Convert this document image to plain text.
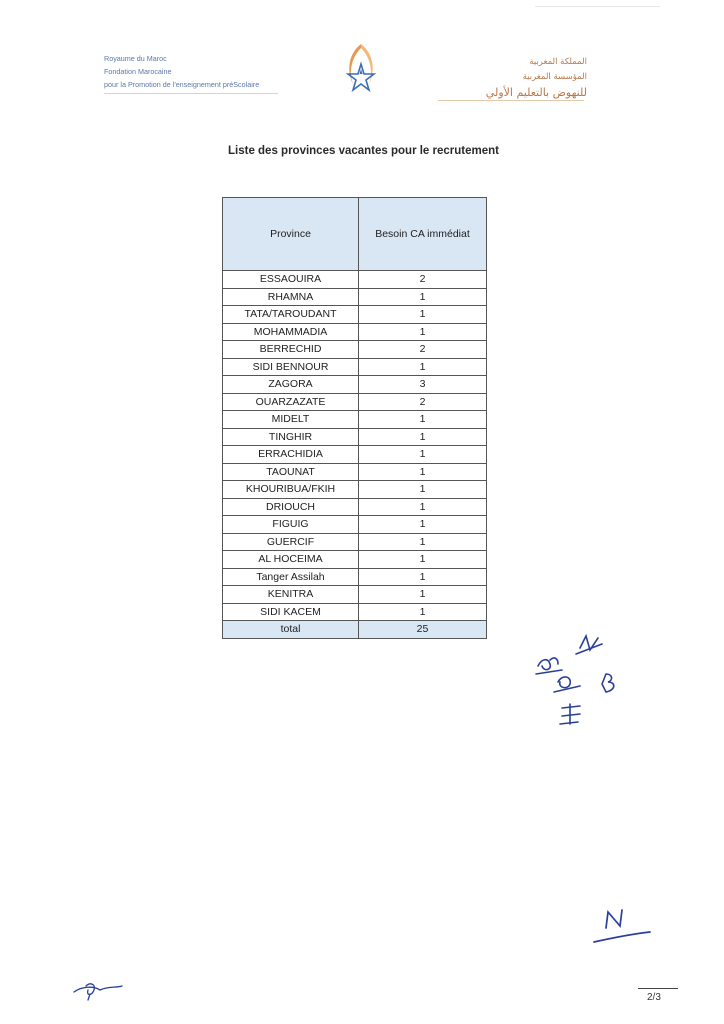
Royaume du Maroc
Fondation Marocaine
pour la Promotion de l'enseignement préScolaire
المملكة المغربية
المؤسسة المغربية
للنهوض بالتعليم الأولي
Liste des provinces vacantes pour le recrutement
Province	Besoin CA immédiat
ESSAOUIRA	2
RHAMNA	1
TATA/TAROUDANT	1
MOHAMMADIA	1
BERRECHID	2
SIDI BENNOUR	1
ZAGORA	3
OUARZAZATE	2
MIDELT	1
TINGHIR	1
ERRACHIDIA	1
TAOUNAT	1
KHOURIBUA/FKIH	1
DRIOUCH	1
FIGUIG	1
GUERCIF	1
AL HOCEIMA	1
Tanger Assilah	1
KENITRA	1
SIDI KACEM	1
total	25
2/3
